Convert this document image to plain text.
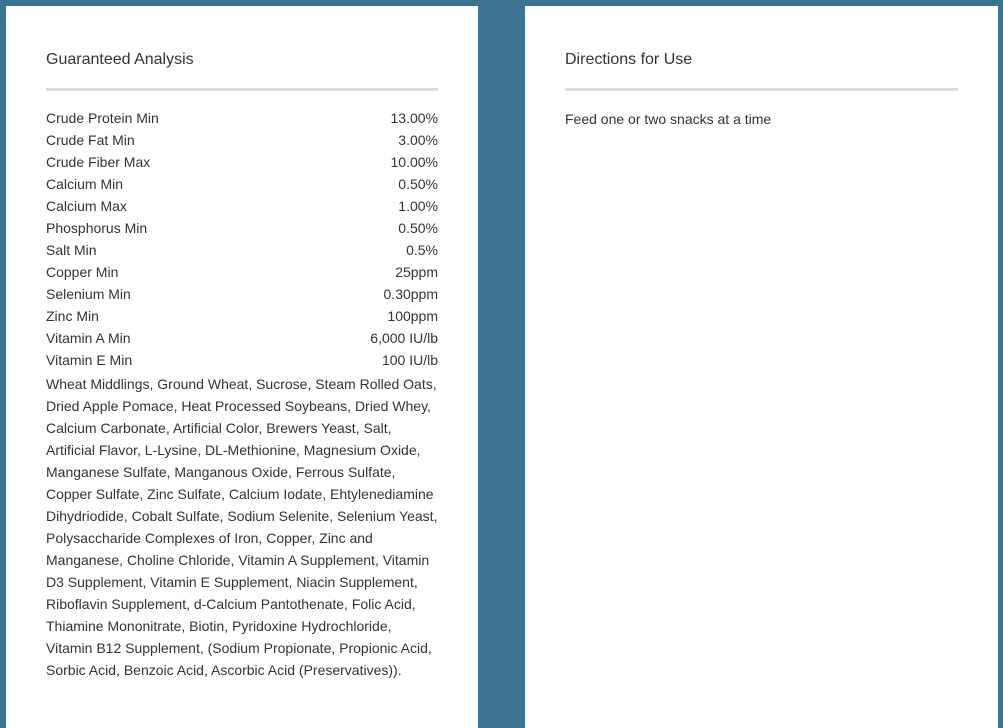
Guaranteed Analysis
Crude Protein Min	13.00%
Crude Fat Min	3.00%
Crude Fiber Max	10.00%
Calcium Min	0.50%
Calcium Max	1.00%
Phosphorus Min	0.50%
Salt Min	0.5%
Copper Min	25ppm
Selenium Min	0.30ppm
Zinc Min	100ppm
Vitamin A Min	6,000 IU/lb
Vitamin E Min	100 IU/lb
Wheat Middlings, Ground Wheat, Sucrose, Steam Rolled Oats, Dried Apple Pomace, Heat Processed Soybeans, Dried Whey, Calcium Carbonate, Artificial Color, Brewers Yeast, Salt, Artificial Flavor, L-Lysine, DL-Methionine, Magnesium Oxide, Manganese Sulfate, Manganous Oxide, Ferrous Sulfate, Copper Sulfate, Zinc Sulfate, Calcium Iodate, Ehtylenediamine Dihydriodide, Cobalt Sulfate, Sodium Selenite, Selenium Yeast, Polysaccharide Complexes of Iron, Copper, Zinc and Manganese, Choline Chloride, Vitamin A Supplement, Vitamin D3 Supplement, Vitamin E Supplement, Niacin Supplement, Riboflavin Supplement, d-Calcium Pantothenate, Folic Acid, Thiamine Mononitrate, Biotin, Pyridoxine Hydrochloride, Vitamin B12 Supplement, (Sodium Propionate, Propionic Acid, Sorbic Acid, Benzoic Acid, Ascorbic Acid (Preservatives)).
Directions for Use
Feed one or two snacks at a time
